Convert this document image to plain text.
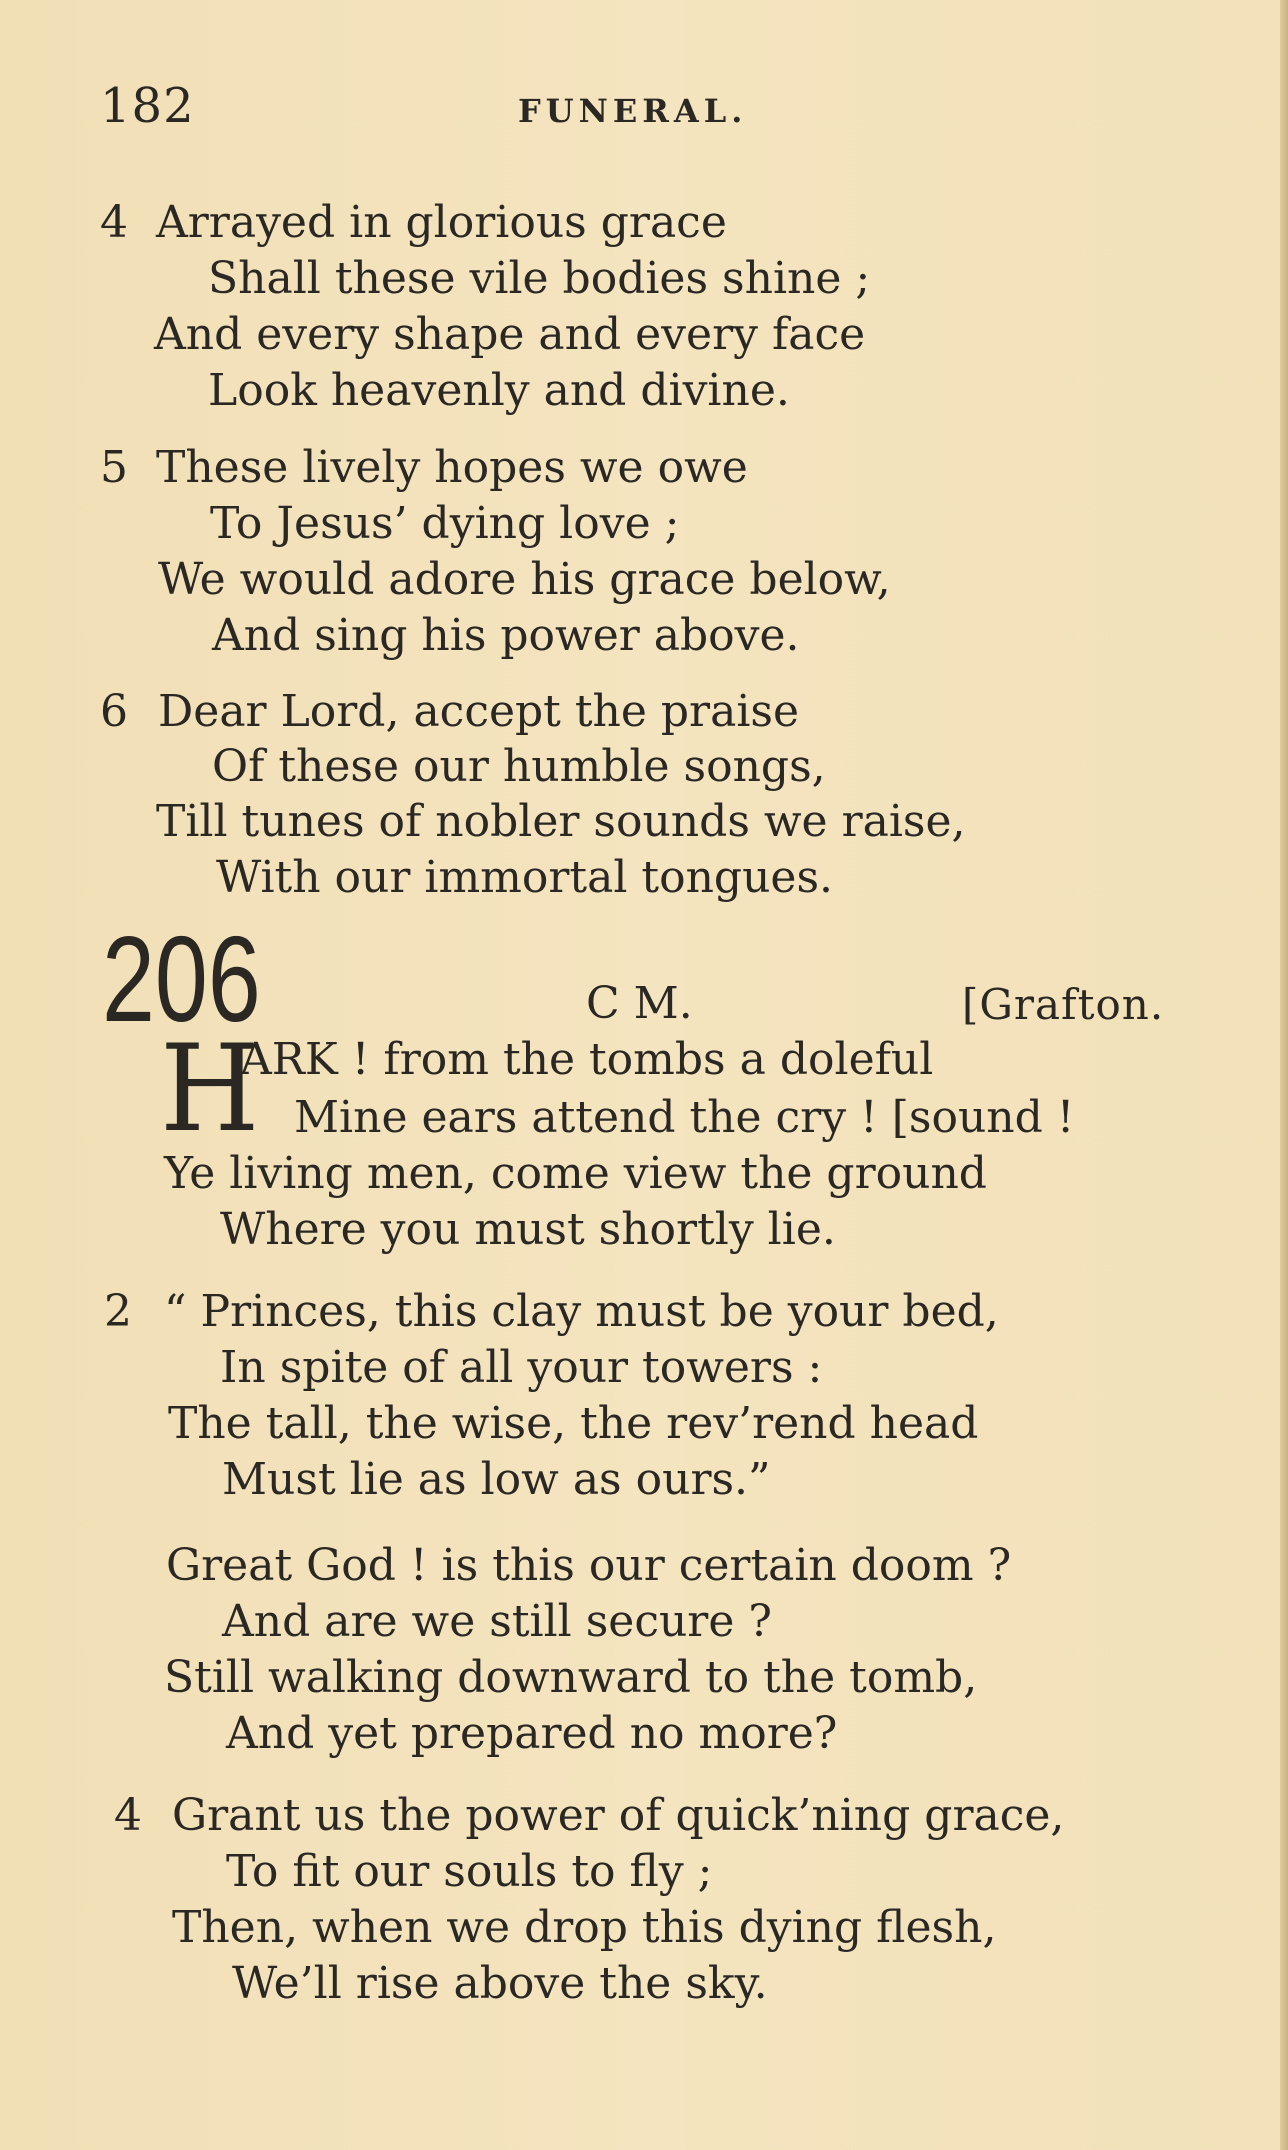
182	FUNERAL.
4 Arrayed in glorious grace
Shall these vile bodies shine ;
And every shape and every face
Look heavenly and divine.
5 These lively hopes we owe
To Jesus’ dying love ;
We would adore his grace below,
And sing his power above.
6 Dear Lord, accept the praise
Of these our humble songs,
Till tunes of nobler sounds we raise,
With our immortal tongues.
206	C M.	[Grafton.
H
ARK ! from the tombs a doleful
Mine ears attend the cry ! [sound !
Ye living men, come view the ground
Where you must shortly lie.
2 “ Princes, this clay must be your bed,
In spite of all your towers :
The tall, the wise, the rev’rend head
Must lie as low as ours.”
Great God ! is this our certain doom ?
And are we still secure ?
Still walking downward to the tomb,
And yet prepared no more?
4 Grant us the power of quick’ning grace,
To fit our souls to fly ;
Then, when we drop this dying flesh,
We’ll rise above the sky.
